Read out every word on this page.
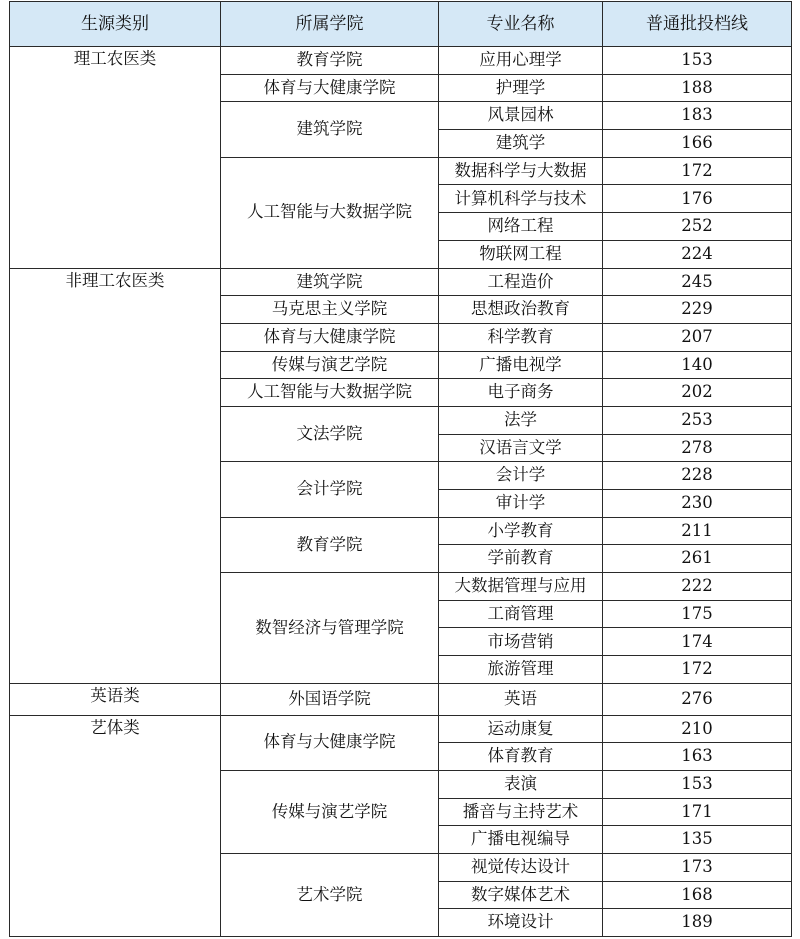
生源类别	所属学院	专业名称	普通批投档线
理工农医类	教育学院	应用心理学	153
	体育与大健康学院	护理学	188
	建筑学院	风景园林	183
		建筑学	166
	人工智能与大数据学院	数据科学与大数据	172
		计算机科学与技术	176
		网络工程	252
		物联网工程	224
非理工农医类	建筑学院	工程造价	245
	马克思主义学院	思想政治教育	229
	体育与大健康学院	科学教育	207
	传媒与演艺学院	广播电视学	140
	人工智能与大数据学院	电子商务	202
	文法学院	法学	253
		汉语言文学	278
	会计学院	会计学	228
		审计学	230
	教育学院	小学教育	211
		学前教育	261
	数智经济与管理学院	大数据管理与应用	222
		工商管理	175
		市场营销	174
		旅游管理	172
英语类	外国语学院	英语	276
艺体类	体育与大健康学院	运动康复	210
		体育教育	163
	传媒与演艺学院	表演	153
		播音与主持艺术	171
		广播电视编导	135
	艺术学院	视觉传达设计	173
		数字媒体艺术	168
		环境设计	189
